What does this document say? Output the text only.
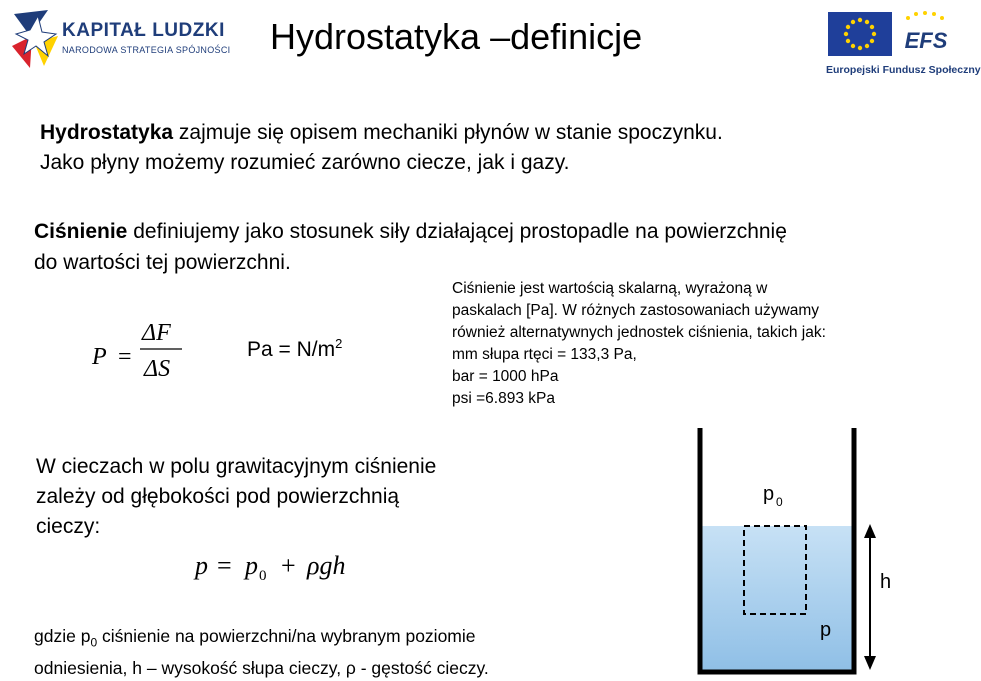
KAPITAŁ LUDZKI
NARODOWA STRATEGIA SPÓJNOŚCI Hydrostatyka –definicje	EFS
Europejski Fundusz Społeczny
Hydrostatyka zajmuje się opisem mechaniki płynów w stanie spoczynku.
Jako płyny możemy rozumieć zarówno ciecze, jak i gazy.
Ciśnienie definiujemy jako stosunek siły działającej prostopadle na powierzchnię
do wartości tej powierzchni.
P =
ΔF
ΔS
$Pa = N/m^2$
Ciśnienie jest wartością skalarną, wyrażoną w
paskalach [Pa]. W różnych zastosowaniach używamy
również alternatywnych jednostek ciśnienia, takich jak:
mm słupa rtęci = 133,3 Pa,
bar = 1000 hPa
psi =6.893 kPa
W cieczach w polu grawitacyjnym ciśnienie
zależy od głębokości pod powierzchnią
cieczy:
p = p 0 + ρgh
gdzie $p_0$ ciśnienie na powierzchni/na wybranym poziomie
odniesienia, h – wysokość słupa cieczy, ρ - gęstość cieczy.
p 0
h
p
